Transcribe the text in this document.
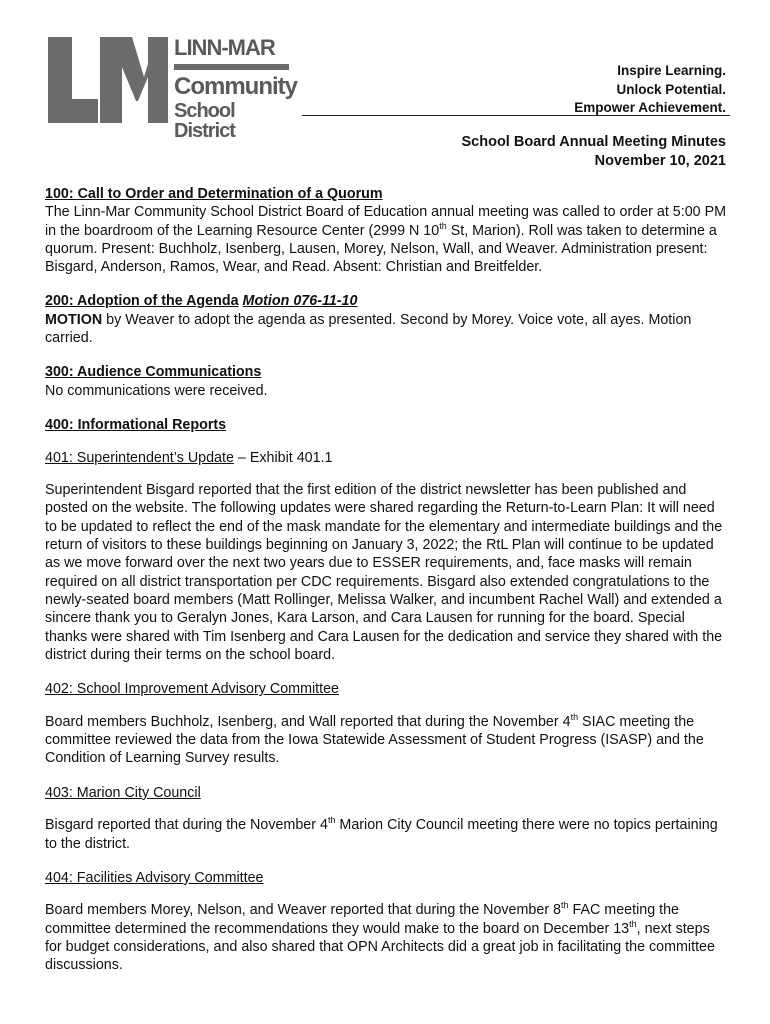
LINN-MAR
Community
School District
Inspire Learning.
Unlock Potential.
Empower Achievement.
School Board Annual Meeting Minutes
November 10, 2021

100: Call to Order and Determination of a Quorum

The Linn-Mar Community School District Board of Education annual meeting was called to order at 5:00 PM in the boardroom of the Learning Resource Center (2999 N 10th St, Marion). Roll was taken to determine a quorum. Present: Buchholz, Isenberg, Lausen, Morey, Nelson, Wall, and Weaver. Administration present: Bisgard, Anderson, Ramos, Wear, and Read. Absent: Christian and Breitfelder.

200: Adoption of the Agenda Motion 076-11-10

MOTION by Weaver to adopt the agenda as presented. Second by Morey. Voice vote, all ayes. Motion carried.

300: Audience Communications

No communications were received.

400: Informational Reports

401: Superintendent’s Update – Exhibit 401.1

Superintendent Bisgard reported that the first edition of the district newsletter has been published and posted on the website. The following updates were shared regarding the Return-to-Learn Plan: It will need to be updated to reflect the end of the mask mandate for the elementary and intermediate buildings and the return of visitors to these buildings beginning on January 3, 2022; the RtL Plan will continue to be updated as we move forward over the next two years due to ESSER requirements, and, face masks will remain required on all district transportation per CDC requirements. Bisgard also extended congratulations to the newly-seated board members (Matt Rollinger, Melissa Walker, and incumbent Rachel Wall) and extended a sincere thank you to Geralyn Jones, Kara Larson, and Cara Lausen for running for the board. Special thanks were shared with Tim Isenberg and Cara Lausen for the dedication and service they shared with the district during their terms on the school board.

402: School Improvement Advisory Committee

Board members Buchholz, Isenberg, and Wall reported that during the November 4th SIAC meeting the committee reviewed the data from the Iowa Statewide Assessment of Student Progress (ISASP) and the Condition of Learning Survey results.

403: Marion City Council

Bisgard reported that during the November 4th Marion City Council meeting there were no topics pertaining to the district.

404: Facilities Advisory Committee

Board members Morey, Nelson, and Weaver reported that during the November 8th FAC meeting the committee determined the recommendations they would make to the board on December 13th, next steps for budget considerations, and also shared that OPN Architects did a great job in facilitating the committee discussions.
